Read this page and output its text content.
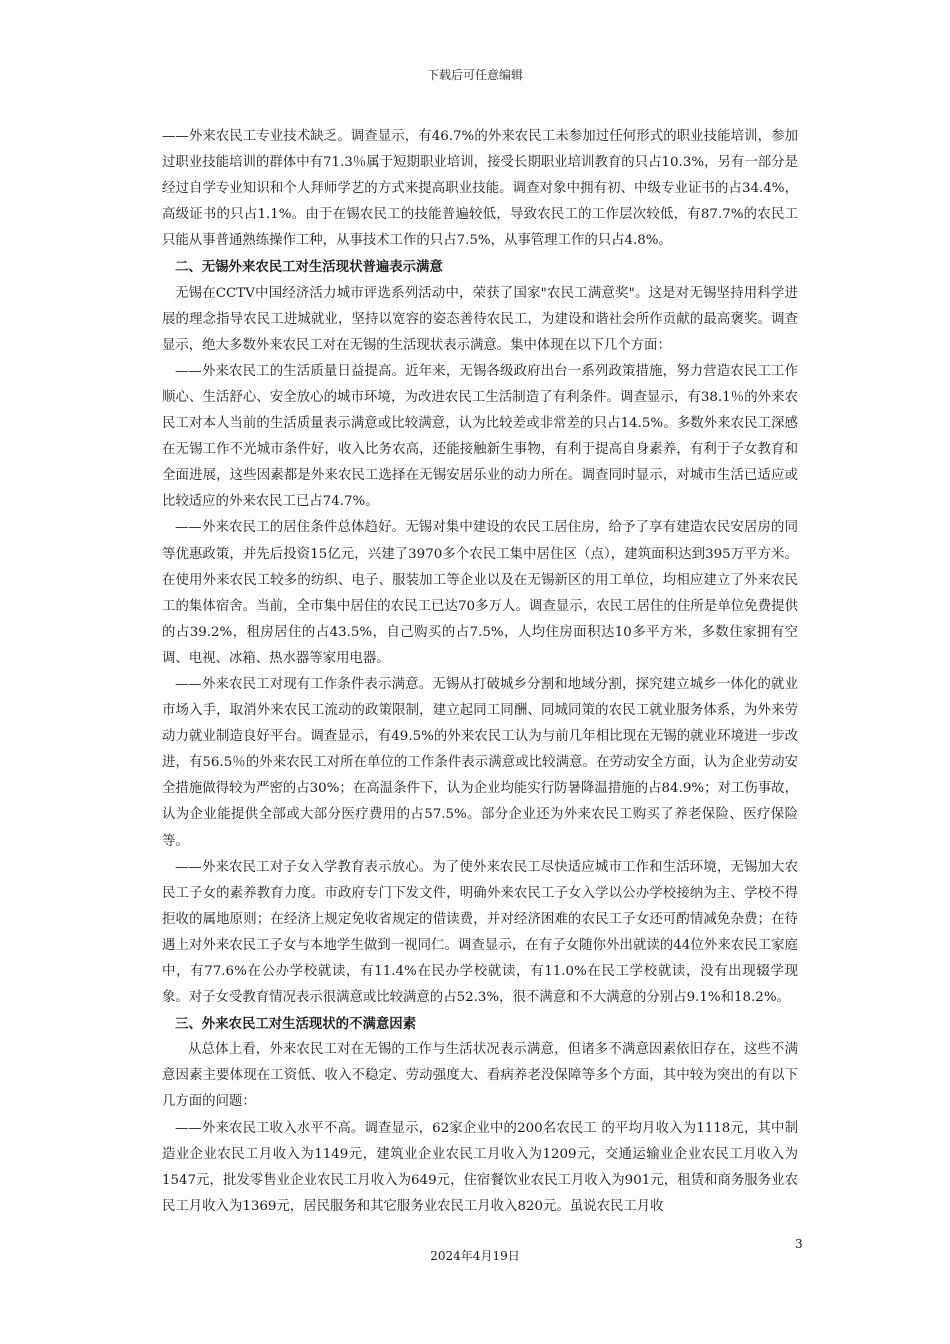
下载后可任意编辑

——外来农民工专业技术缺乏。调查显示，有46.7%的外来农民工未参加过任何形式的职业技能培训，参加过职业技能培训的群体中有71.3％属于短期职业培训，接受长期职业培训教育的只占10.3%，另有一部分是经过自学专业知识和个人拜师学艺的方式来提高职业技能。调查对象中拥有初、中级专业证书的占34.4%，高级证书的只占1.1%。由于在锡农民工的技能普遍较低，导致农民工的工作层次较低，有87.7%的农民工只能从事普通熟练操作工种，从事技术工作的只占7.5%，从事管理工作的只占4.8%。

二、无锡外来农民工对生活现状普遍表示满意

无锡在CCTV中国经济活力城市评选系列活动中，荣获了国家"农民工满意奖"。这是对无锡坚持用科学进展的理念指导农民工进城就业，坚持以宽容的姿态善待农民工，为建设和谐社会所作贡献的最高褒奖。调查显示，绝大多数外来农民工对在无锡的生活现状表示满意。集中体现在以下几个方面：

——外来农民工的生活质量日益提高。近年来，无锡各级政府出台一系列政策措施，努力营造农民工工作顺心、生活舒心、安全放心的城市环境，为改进农民工生活制造了有利条件。调查显示，有38.1％的外来农民工对本人当前的生活质量表示满意或比较满意，认为比较差或非常差的只占14.5%。多数外来农民工深感在无锡工作不光城市条件好，收入比务农高，还能接触新生事物，有利于提高自身素养，有利于子女教育和全面进展，这些因素都是外来农民工选择在无锡安居乐业的动力所在。调查同时显示，对城市生活已适应或比较适应的外来农民工已占74.7%。

——外来农民工的居住条件总体趋好。无锡对集中建设的农民工居住房，给予了享有建造农民安居房的同等优惠政策，并先后投资15亿元，兴建了3970多个农民工集中居住区（点），建筑面积达到395万平方米。在使用外来农民工较多的纺织、电子、服装加工等企业以及在无锡新区的用工单位，均相应建立了外来农民工的集体宿舍。当前，全市集中居住的农民工已达70多万人。调查显示，农民工居住的住所是单位免费提供的占39.2%，租房居住的占43.5%，自己购买的占7.5%，人均住房面积达10多平方米，多数住家拥有空调、电视、冰箱、热水器等家用电器。

——外来农民工对现有工作条件表示满意。无锡从打破城乡分割和地域分割，探究建立城乡一体化的就业市场入手，取消外来农民工流动的政策限制，建立起同工同酬、同城同策的农民工就业服务体系，为外来劳动力就业制造良好平台。调查显示，有49.5%的外来农民工认为与前几年相比现在无锡的就业环境进一步改进，有56.5％的外来农民工对所在单位的工作条件表示满意或比较满意。在劳动安全方面，认为企业劳动安全措施做得较为严密的占30%；在高温条件下，认为企业均能实行防暑降温措施的占84.9%；对工伤事故，认为企业能提供全部或大部分医疗费用的占57.5%。部分企业还为外来农民工购买了养老保险、医疗保险等。

——外来农民工对子女入学教育表示放心。为了使外来农民工尽快适应城市工作和生活环境，无锡加大农民工子女的素养教育力度。市政府专门下发文件，明确外来农民工子女入学以公办学校接纳为主、学校不得拒收的属地原则；在经济上规定免收省规定的借读费，并对经济困难的农民工子女还可酌情减免杂费；在待遇上对外来农民工子女与本地学生做到一视同仁。调查显示，在有子女随你外出就读的44位外来农民工家庭中，有77.6%在公办学校就读，有11.4%在民办学校就读，有11.0%在民工学校就读，没有出现辍学现象。对子女受教育情况表示很满意或比较满意的占52.3%，很不满意和不大满意的分别占9.1%和18.2%。

三、外来农民工对生活现状的不满意因素

从总体上看，外来农民工对在无锡的工作与生活状况表示满意，但诸多不满意因素依旧存在，这些不满意因素主要体现在工资低、收入不稳定、劳动强度大、看病养老没保障等多个方面，其中较为突出的有以下几方面的问题：

——外来农民工收入水平不高。调查显示，62家企业中的200名农民工 的平均月收入为1118元，其中制造业企业农民工月收入为1149元，建筑业企业农民工月收入为1209元，交通运输业企业农民工月收入为1547元，批发零售业企业农民工月收入为649元，住宿餐饮业农民工月收入为901元，租赁和商务服务业农民工月收入为1369元，居民服务和其它服务业农民工月收入820元。虽说农民工月收

3
2024年4月19日
